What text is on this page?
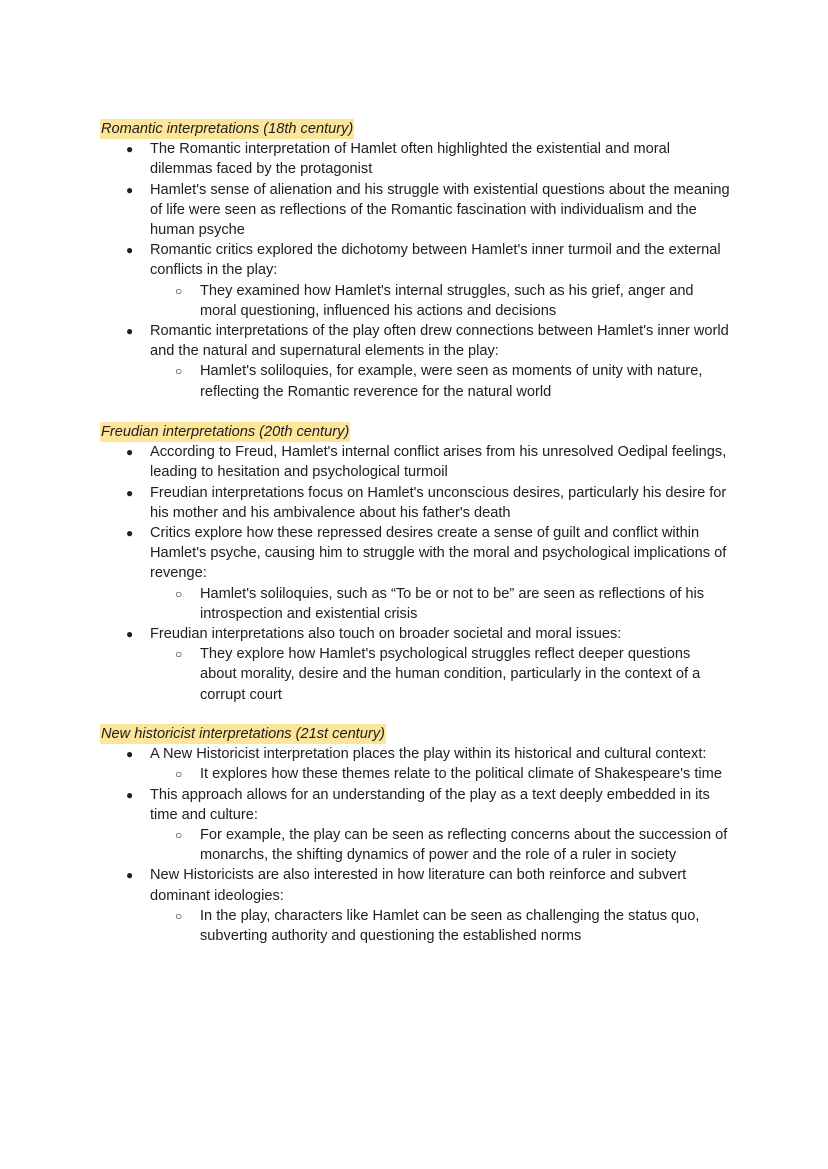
Romantic interpretations (18th century)
● The Romantic interpretation of Hamlet often highlighted the existential and moral dilemmas faced by the protagonist
● Hamlet's sense of alienation and his struggle with existential questions about the meaning of life were seen as reflections of the Romantic fascination with individualism and the human psyche
● Romantic critics explored the dichotomy between Hamlet's inner turmoil and the external conflicts in the play:
○ They examined how Hamlet's internal struggles, such as his grief, anger and moral questioning, influenced his actions and decisions
● Romantic interpretations of the play often drew connections between Hamlet's inner world and the natural and supernatural elements in the play:
○ Hamlet's soliloquies, for example, were seen as moments of unity with nature, reflecting the Romantic reverence for the natural world
Freudian interpretations (20th century)
● According to Freud, Hamlet's internal conflict arises from his unresolved Oedipal feelings, leading to hesitation and psychological turmoil
● Freudian interpretations focus on Hamlet's unconscious desires, particularly his desire for his mother and his ambivalence about his father's death
● Critics explore how these repressed desires create a sense of guilt and conflict within Hamlet's psyche, causing him to struggle with the moral and psychological implications of revenge:
○ Hamlet's soliloquies, such as “To be or not to be” are seen as reflections of his introspection and existential crisis
● Freudian interpretations also touch on broader societal and moral issues:
○ They explore how Hamlet's psychological struggles reflect deeper questions about morality, desire and the human condition, particularly in the context of a corrupt court
New historicist interpretations (21st century)
● A New Historicist interpretation places the play within its historical and cultural context:
○ It explores how these themes relate to the political climate of Shakespeare's time
● This approach allows for an understanding of the play as a text deeply embedded in its time and culture:
○ For example, the play can be seen as reflecting concerns about the succession of monarchs, the shifting dynamics of power and the role of a ruler in society
● New Historicists are also interested in how literature can both reinforce and subvert dominant ideologies:
○ In the play, characters like Hamlet can be seen as challenging the status quo, subverting authority and questioning the established norms
